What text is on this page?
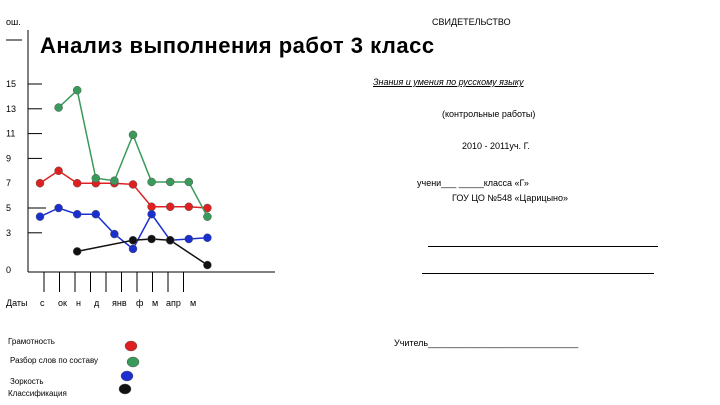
ош.
Анализ выполнения работ 3 класс
СВИДЕТЕЛЬСТВО
Знания и умения по русскому языку
(контрольные работы)
2010 - 2011уч. Г.
учени___ _____класса «Г»
ГОУ ЦО №548 «Царицыно»
Учитель______________________________
0
3
5
7
9
11
13
15
Даты с ок н д янв ф м апр м
Грамотность
Разбор слов по составу
Зоркость
Классификация
